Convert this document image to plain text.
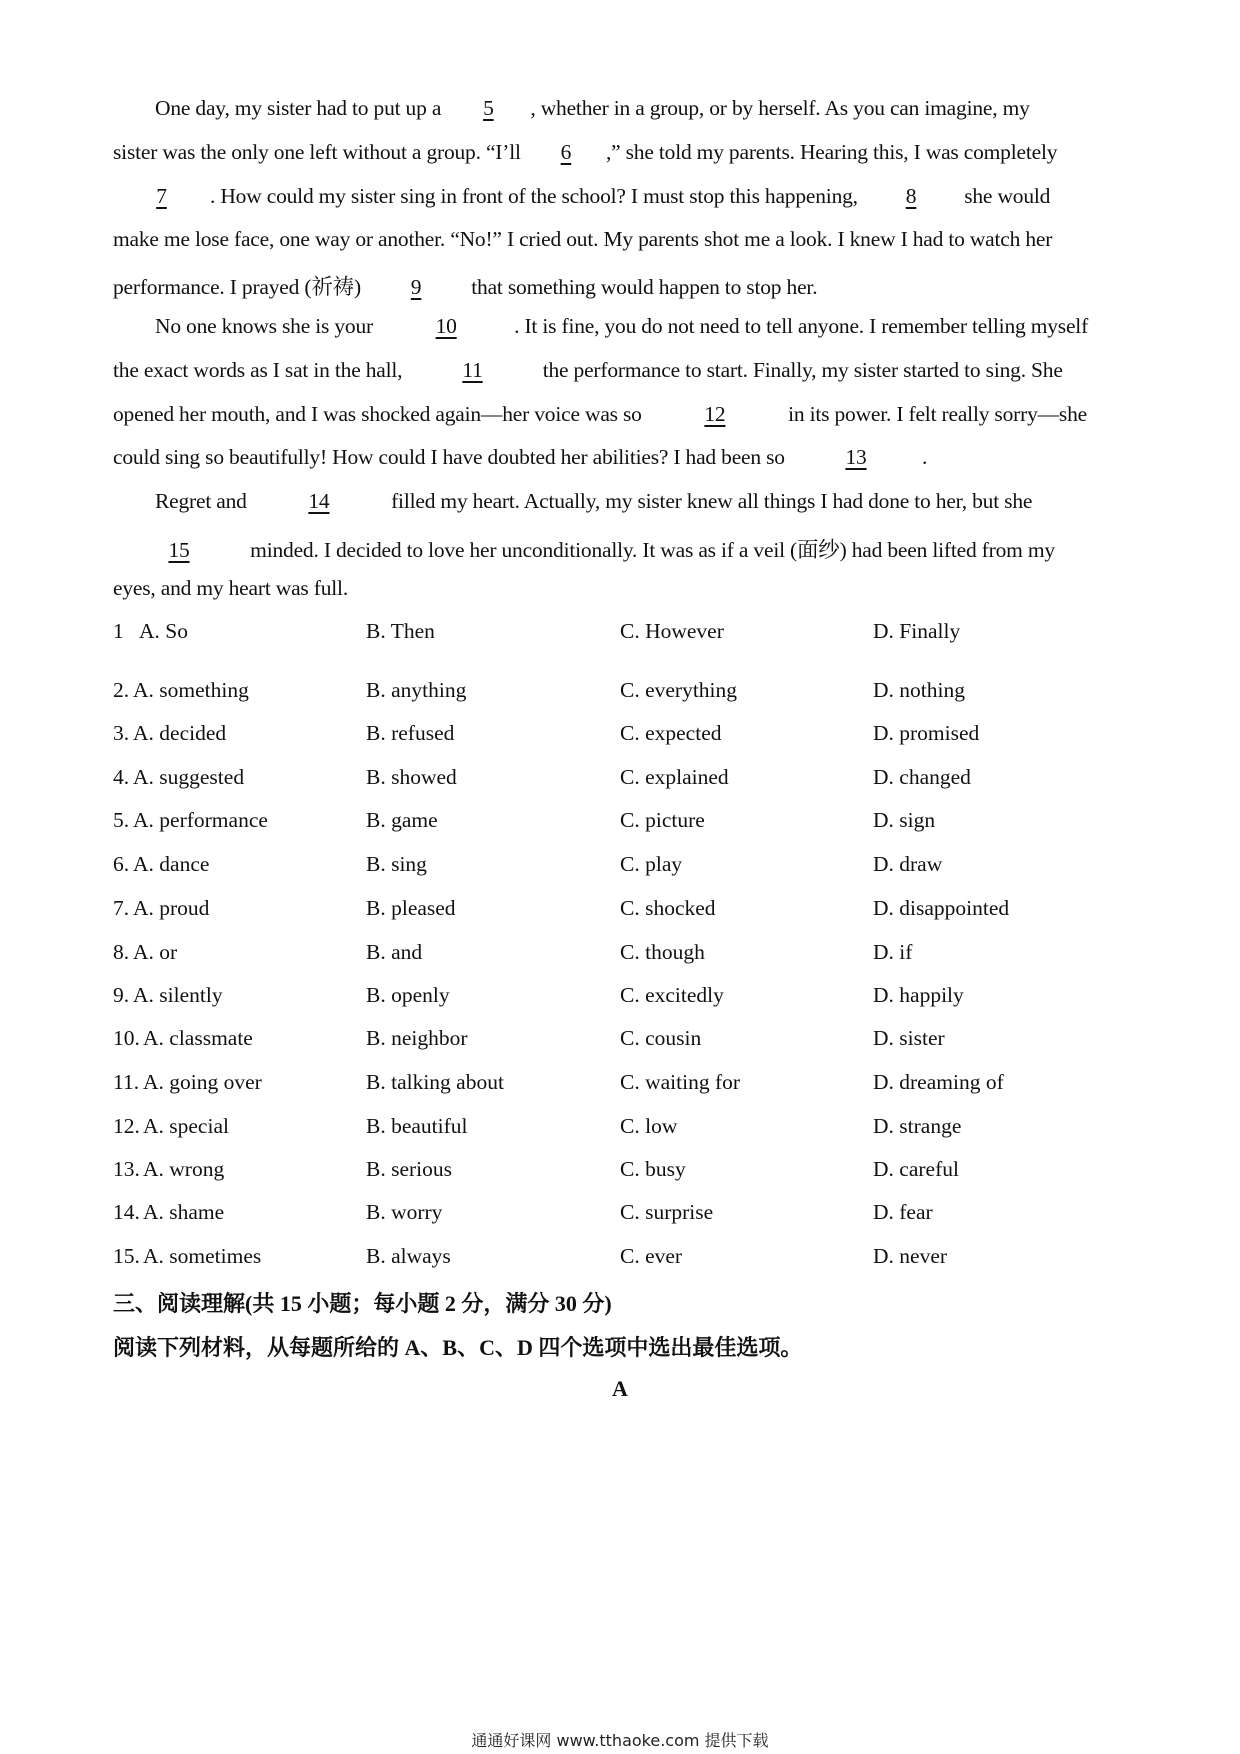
One day, my sister had to put up a 5 , whether in a group, or by herself. As you can imagine, my
sister was the only one left without a group. “I’ll 6 ,” she told my parents. Hearing this, I was completely
7 . How could my sister sing in front of the school? I must stop this happening, 8 she would
make me lose face, one way or another. “No!” I cried out. My parents shot me a look. I knew I had to watch her
performance. I prayed (祈祷) 9 that something would happen to stop her.
No one knows she is your	10	. It is fine, you do not need to tell anyone. I remember telling myself
the exact words as I sat in the hall,	11	the performance to start. Finally, my sister started to sing. She
opened her mouth, and I was shocked again—her voice was so	12	in its power. I felt really sorry—she
could sing so beautifully! How could I have doubted her abilities? I had been so	13	.
Regret and	14	filled my heart. Actually, my sister knew all things I had done to her, but she
15	minded. I decided to love her unconditionally. It was as if a veil (面纱) had been lifted from my
eyes, and my heart was full.
1 A. So	B. Then	C. However	D. Finally
2. A. something	B. anything	C. everything	D. nothing
3. A. decided	B. refused	C. expected	D. promised
4. A. suggested	B. showed	C. explained	D. changed
5. A. performance	B. game	C. picture	D. sign
6. A. dance	B. sing	C. play	D. draw
7. A. proud	B. pleased	C. shocked	D. disappointed
8. A. or	B. and	C. though	D. if
9. A. silently	B. openly	C. excitedly	D. happily
10. A. classmate	B. neighbor	C. cousin	D. sister
11. A. going over	B. talking about	C. waiting for	D. dreaming of
12. A. special	B. beautiful	C. low	D. strange
13. A. wrong	B. serious	C. busy	D. careful
14. A. shame	B. worry	C. surprise	D. fear
15. A. sometimes	B. always	C. ever	D. never
三、阅读理解(共 15 小题；每小题 2 分，满分 30 分)
阅读下列材料，从每题所给的 A、B、C、D 四个选项中选出最佳选项。
A
通通好课网 www.tthaoke.com 提供下载
